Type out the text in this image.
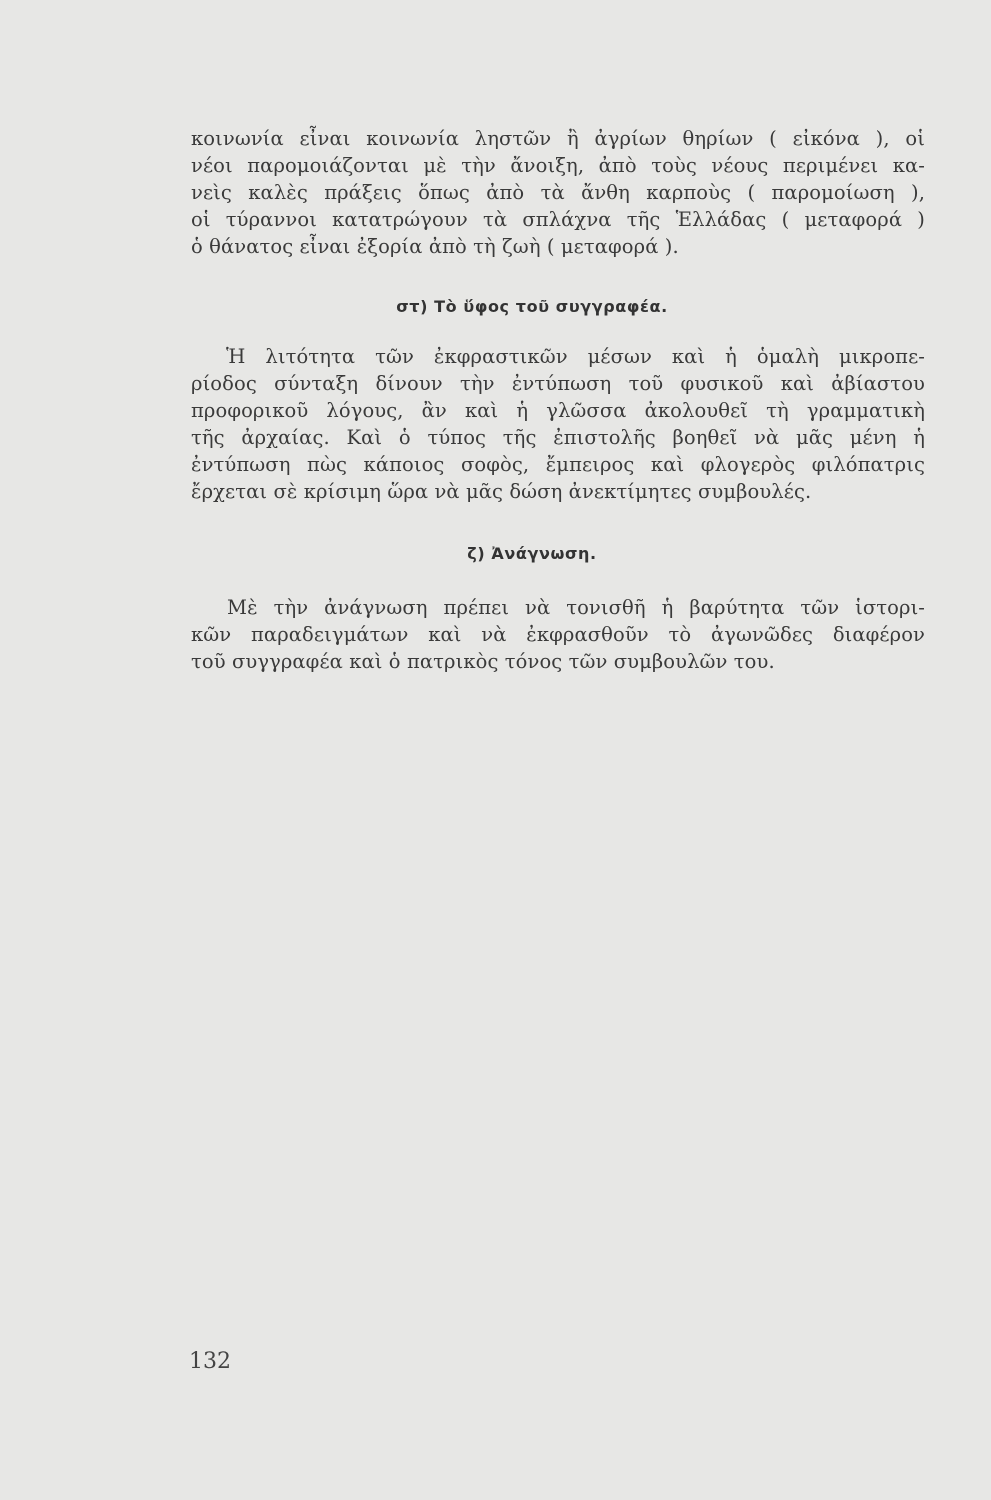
κοινωνία εἶναι κοινωνία ληστῶν ἢ ἀγρίων θηρίων ( εἰκόνα ), οἱ
νέοι παρομοιάζονται μὲ τὴν ἄνοιξη, ἀπὸ τοὺς νέους περιμένει κα-
νεὶς καλὲς πράξεις ὅπως ἀπὸ τὰ ἄνθη καρποὺς ( παρομοίωση ),
οἱ τύραννοι κατατρώγουν τὰ σπλάχνα τῆς Ἑλλάδας ( μεταφορά )
ὁ θάνατος εἶναι ἐξορία ἀπὸ τὴ ζωὴ ( μεταφορά ).
στ) Τὸ ὕφος τοῦ συγγραφέα.
Ἡ λιτότητα τῶν ἐκφραστικῶν μέσων καὶ ἡ ὁμαλὴ μικροπε-
ρίοδος σύνταξη δίνουν τὴν ἐντύπωση τοῦ φυσικοῦ καὶ ἀβίαστου
προφορικοῦ λόγους, ἂν καὶ ἡ γλῶσσα ἀκολουθεῖ τὴ γραμματικὴ
τῆς ἀρχαίας. Καὶ ὁ τύπος τῆς ἐπιστολῆς βοηθεῖ νὰ μᾶς μένη ἡ
ἐντύπωση πὼς κάποιος σοφὸς, ἔμπειρος καὶ φλογερὸς φιλόπατρις
ἔρχεται σὲ κρίσιμη ὥρα νὰ μᾶς δώση ἀνεκτίμητες συμβουλές.
ζ) Ἀνάγνωση.
Μὲ τὴν ἀνάγνωση πρέπει νὰ τονισθῆ ἡ βαρύτητα τῶν ἱστορι-
κῶν παραδειγμάτων καὶ νὰ ἐκφρασθοῦν τὸ ἀγωνῶδες διαφέρον
τοῦ συγγραφέα καὶ ὁ πατρικὸς τόνος τῶν συμβουλῶν του.
132
